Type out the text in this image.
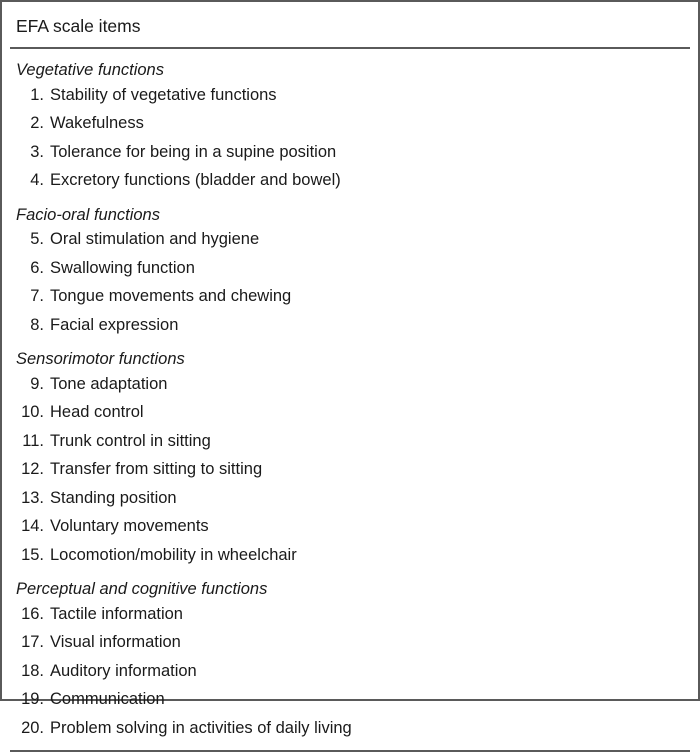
EFA scale items
Vegetative functions
1. Stability of vegetative functions
2. Wakefulness
3. Tolerance for being in a supine position
4. Excretory functions (bladder and bowel)
Facio-oral functions
5. Oral stimulation and hygiene
6. Swallowing function
7. Tongue movements and chewing
8. Facial expression
Sensorimotor functions
9. Tone adaptation
10. Head control
11. Trunk control in sitting
12. Transfer from sitting to sitting
13. Standing position
14. Voluntary movements
15. Locomotion/mobility in wheelchair
Perceptual and cognitive functions
16. Tactile information
17. Visual information
18. Auditory information
19. Communication
20. Problem solving in activities of daily living
